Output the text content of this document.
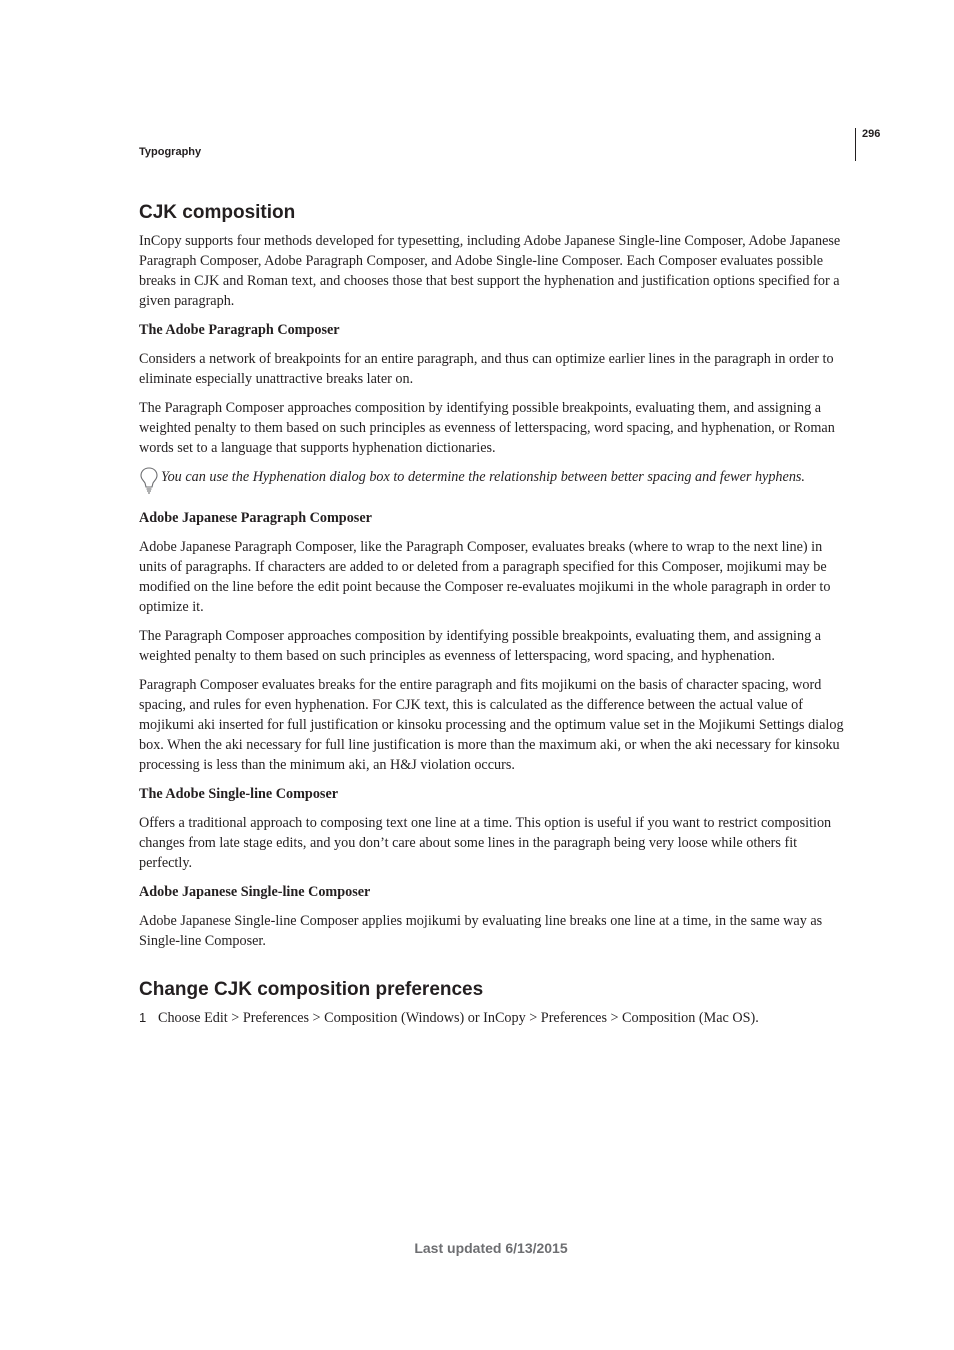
Typography
296
CJK composition

InCopy supports four methods developed for typesetting, including Adobe Japanese Single-line Composer, Adobe Japanese Paragraph Composer, Adobe Paragraph Composer, and Adobe Single-line Composer. Each Composer evaluates possible breaks in CJK and Roman text, and chooses those that best support the hyphenation and justification options specified for a given paragraph.

The Adobe Paragraph Composer

Considers a network of breakpoints for an entire paragraph, and thus can optimize earlier lines in the paragraph in order to eliminate especially unattractive breaks later on.

The Paragraph Composer approaches composition by identifying possible breakpoints, evaluating them, and assigning a weighted penalty to them based on such principles as evenness of letterspacing, word spacing, and hyphenation, or Roman words set to a language that supports hyphenation dictionaries.

You can use the Hyphenation dialog box to determine the relationship between better spacing and fewer hyphens.

Adobe Japanese Paragraph Composer

Adobe Japanese Paragraph Composer, like the Paragraph Composer, evaluates breaks (where to wrap to the next line) in units of paragraphs. If characters are added to or deleted from a paragraph specified for this Composer, mojikumi may be modified on the line before the edit point because the Composer re-evaluates mojikumi in the whole paragraph in order to optimize it.

The Paragraph Composer approaches composition by identifying possible breakpoints, evaluating them, and assigning a weighted penalty to them based on such principles as evenness of letterspacing, word spacing, and hyphenation.

Paragraph Composer evaluates breaks for the entire paragraph and fits mojikumi on the basis of character spacing, word spacing, and rules for even hyphenation. For CJK text, this is calculated as the difference between the actual value of mojikumi aki inserted for full justification or kinsoku processing and the optimum value set in the Mojikumi Settings dialog box. When the aki necessary for full line justification is more than the maximum aki, or when the aki necessary for kinsoku processing is less than the minimum aki, an H&J violation occurs.

The Adobe Single-line Composer

Offers a traditional approach to composing text one line at a time. This option is useful if you want to restrict composition changes from late stage edits, and you don’t care about some lines in the paragraph being very loose while others fit perfectly.

Adobe Japanese Single-line Composer

Adobe Japanese Single-line Composer applies mojikumi by evaluating line breaks one line at a time, in the same way as Single-line Composer.

Change CJK composition preferences
1 Choose Edit > Preferences > Composition (Windows) or InCopy > Preferences > Composition (Mac OS).
Last updated 6/13/2015
